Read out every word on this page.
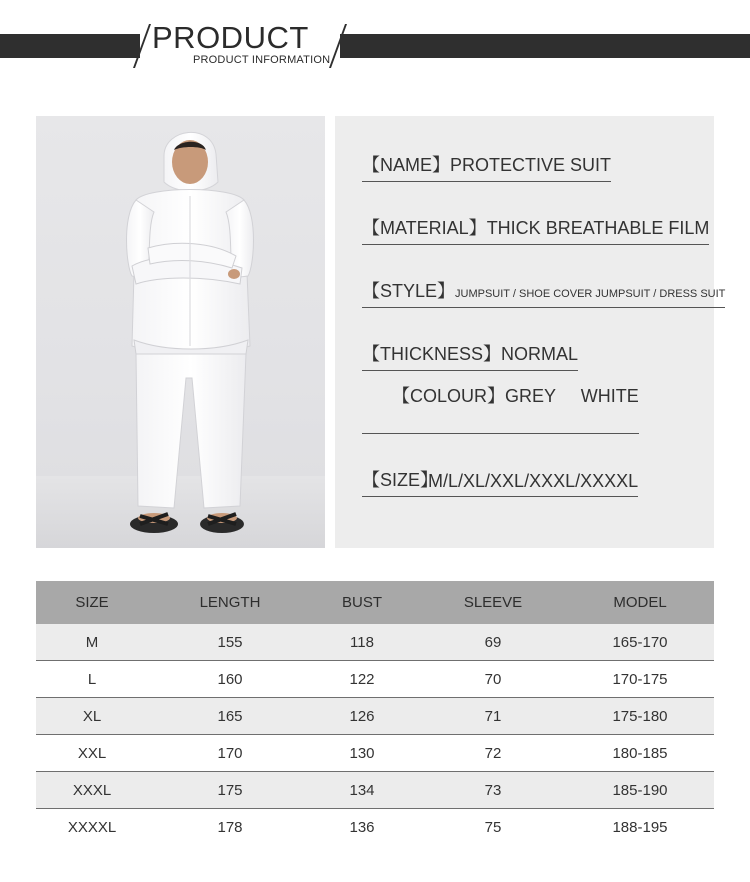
PRODUCT
PRODUCT INFORMATION
【NAME】PROTECTIVE SUIT
【MATERIAL】THICK BREATHABLE FILM
【STYLE】JUMPSUIT / SHOE COVER JUMPSUIT / DRESS SUIT
【THICKNESS】NORMAL

【COLOUR】GREY     WHITE

【SIZE】
M/L/XL/XXL/XXXL/XXXXL
SIZE	LENGTH	BUST	SLEEVE	MODEL
M	155	118	69	165-170
L	160	122	70	170-175
XL	165	126	71	175-180
XXL	170	130	72	180-185
XXXL	175	134	73	185-190
XXXXL	178	136	75	188-195
